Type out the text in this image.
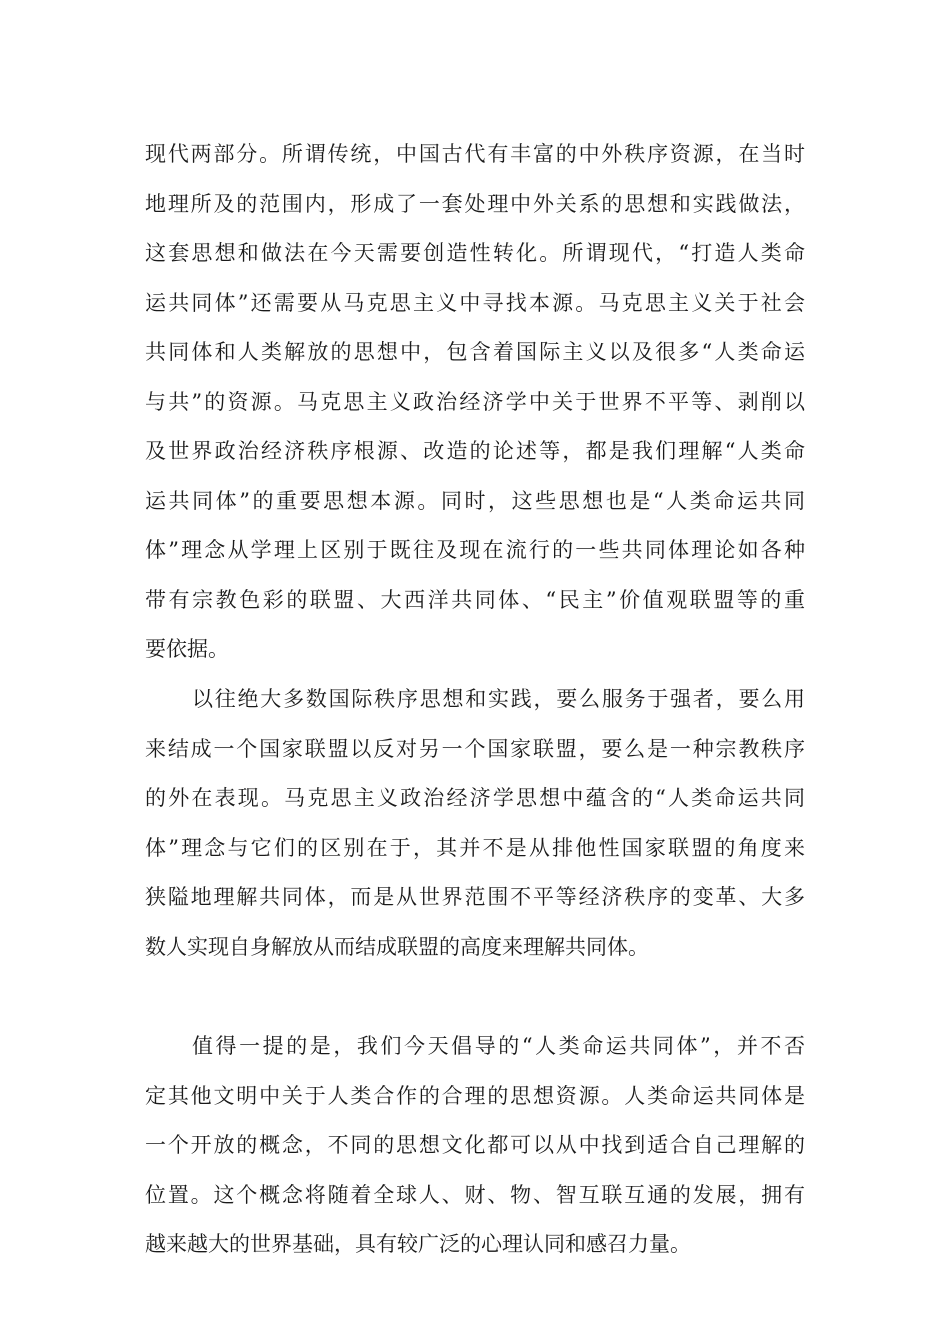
现代两部分。所谓传统，中国古代有丰富的中外秩序资源，在当时
地理所及的范围内，形成了一套处理中外关系的思想和实践做法，
这套思想和做法在今天需要创造性转化。所谓现代，“打造人类命
运共同体”还需要从马克思主义中寻找本源。马克思主义关于社会
共同体和人类解放的思想中，包含着国际主义以及很多“人类命运
与共”的资源。马克思主义政治经济学中关于世界不平等、剥削以
及世界政治经济秩序根源、改造的论述等，都是我们理解“人类命
运共同体”的重要思想本源。同时，这些思想也是“人类命运共同
体”理念从学理上区别于既往及现在流行的一些共同体理论如各种
带有宗教色彩的联盟、大西洋共同体、“民主”价值观联盟等的重
要依据。
以往绝大多数国际秩序思想和实践，要么服务于强者，要么用
来结成一个国家联盟以反对另一个国家联盟，要么是一种宗教秩序
的外在表现。马克思主义政治经济学思想中蕴含的“人类命运共同
体”理念与它们的区别在于，其并不是从排他性国家联盟的角度来
狭隘地理解共同体，而是从世界范围不平等经济秩序的变革、大多
数人实现自身解放从而结成联盟的高度来理解共同体。
值得一提的是，我们今天倡导的“人类命运共同体”，并不否
定其他文明中关于人类合作的合理的思想资源。人类命运共同体是
一个开放的概念，不同的思想文化都可以从中找到适合自己理解的
位置。这个概念将随着全球人、财、物、智互联互通的发展，拥有
越来越大的世界基础，具有较广泛的心理认同和感召力量。
